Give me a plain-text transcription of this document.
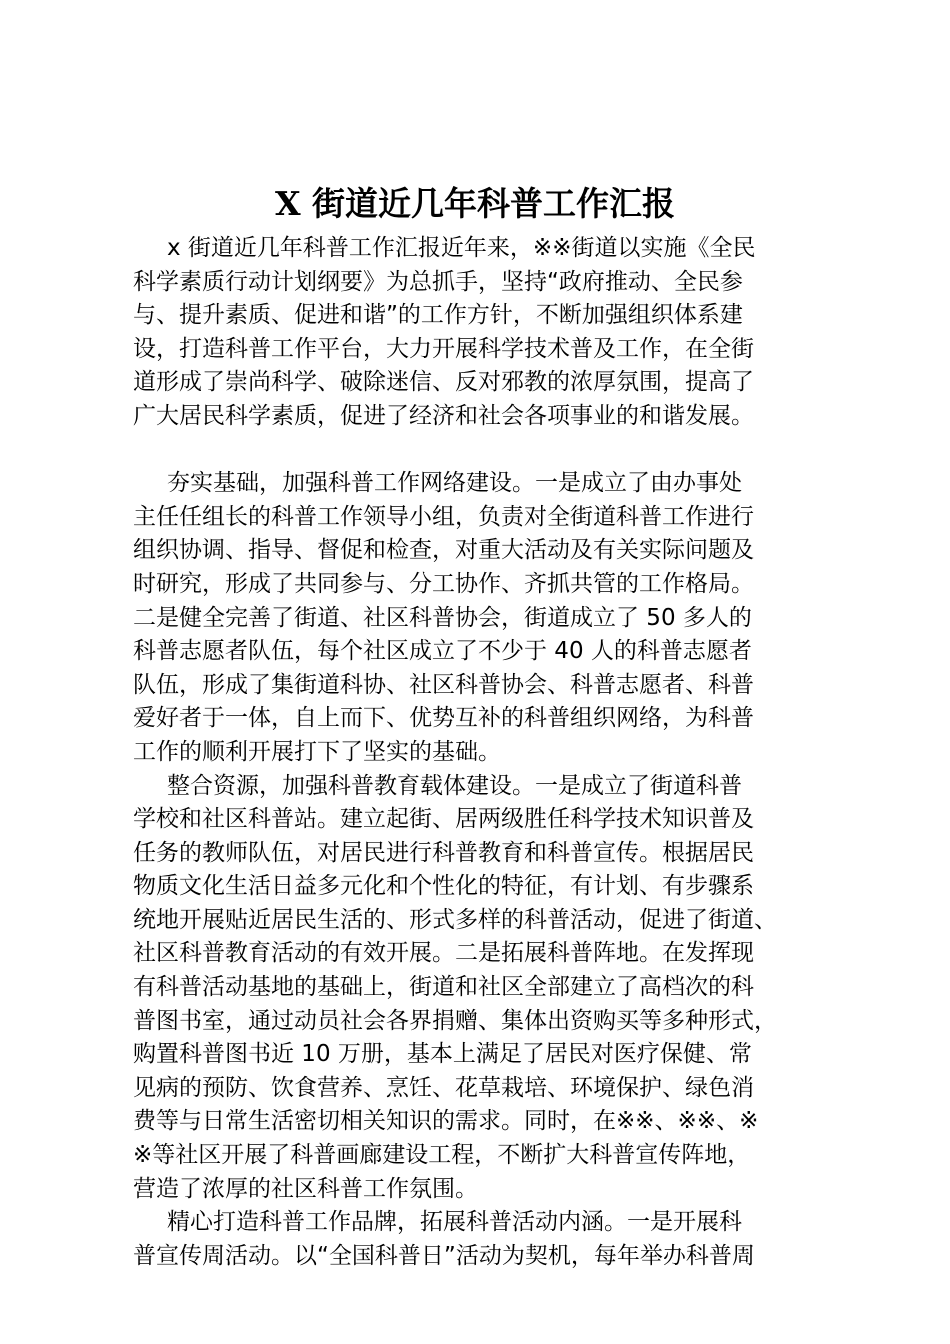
X 街道近几年科普工作汇报

x 街道近几年科普工作汇报近年来，※※街道以实施《全民
科学素质行动计划纲要》为总抓手，坚持“政府推动、全民参
与、提升素质、促进和谐”的工作方针，不断加强组织体系建
设，打造科普工作平台，大力开展科学技术普及工作，在全街
道形成了崇尚科学、破除迷信、反对邪教的浓厚氛围，提高了
广大居民科学素质，促进了经济和社会各项事业的和谐发展。

夯实基础，加强科普工作网络建设。一是成立了由办事处
主任任组长的科普工作领导小组，负责对全街道科普工作进行
组织协调、指导、督促和检查，对重大活动及有关实际问题及
时研究，形成了共同参与、分工协作、齐抓共管的工作格局。
二是健全完善了街道、社区科普协会，街道成立了 50 多人的
科普志愿者队伍，每个社区成立了不少于 40 人的科普志愿者
队伍，形成了集街道科协、社区科普协会、科普志愿者、科普
爱好者于一体，自上而下、优势互补的科普组织网络，为科普
工作的顺利开展打下了坚实的基础。

整合资源，加强科普教育载体建设。一是成立了街道科普
学校和社区科普站。建立起街、居两级胜任科学技术知识普及
任务的教师队伍，对居民进行科普教育和科普宣传。根据居民
物质文化生活日益多元化和个性化的特征，有计划、有步骤系
统地开展贴近居民生活的、形式多样的科普活动，促进了街道、
社区科普教育活动的有效开展。二是拓展科普阵地。在发挥现
有科普活动基地的基础上，街道和社区全部建立了高档次的科
普图书室，通过动员社会各界捐赠、集体出资购买等多种形式，
购置科普图书近 10 万册，基本上满足了居民对医疗保健、常
见病的预防、饮食营养、烹饪、花草栽培、环境保护、绿色消
费等与日常生活密切相关知识的需求。同时，在※※、※※、※
※等社区开展了科普画廊建设工程，不断扩大科普宣传阵地，
营造了浓厚的社区科普工作氛围。

精心打造科普工作品牌，拓展科普活动内涵。一是开展科
普宣传周活动。以“全国科普日”活动为契机，每年举办科普周
